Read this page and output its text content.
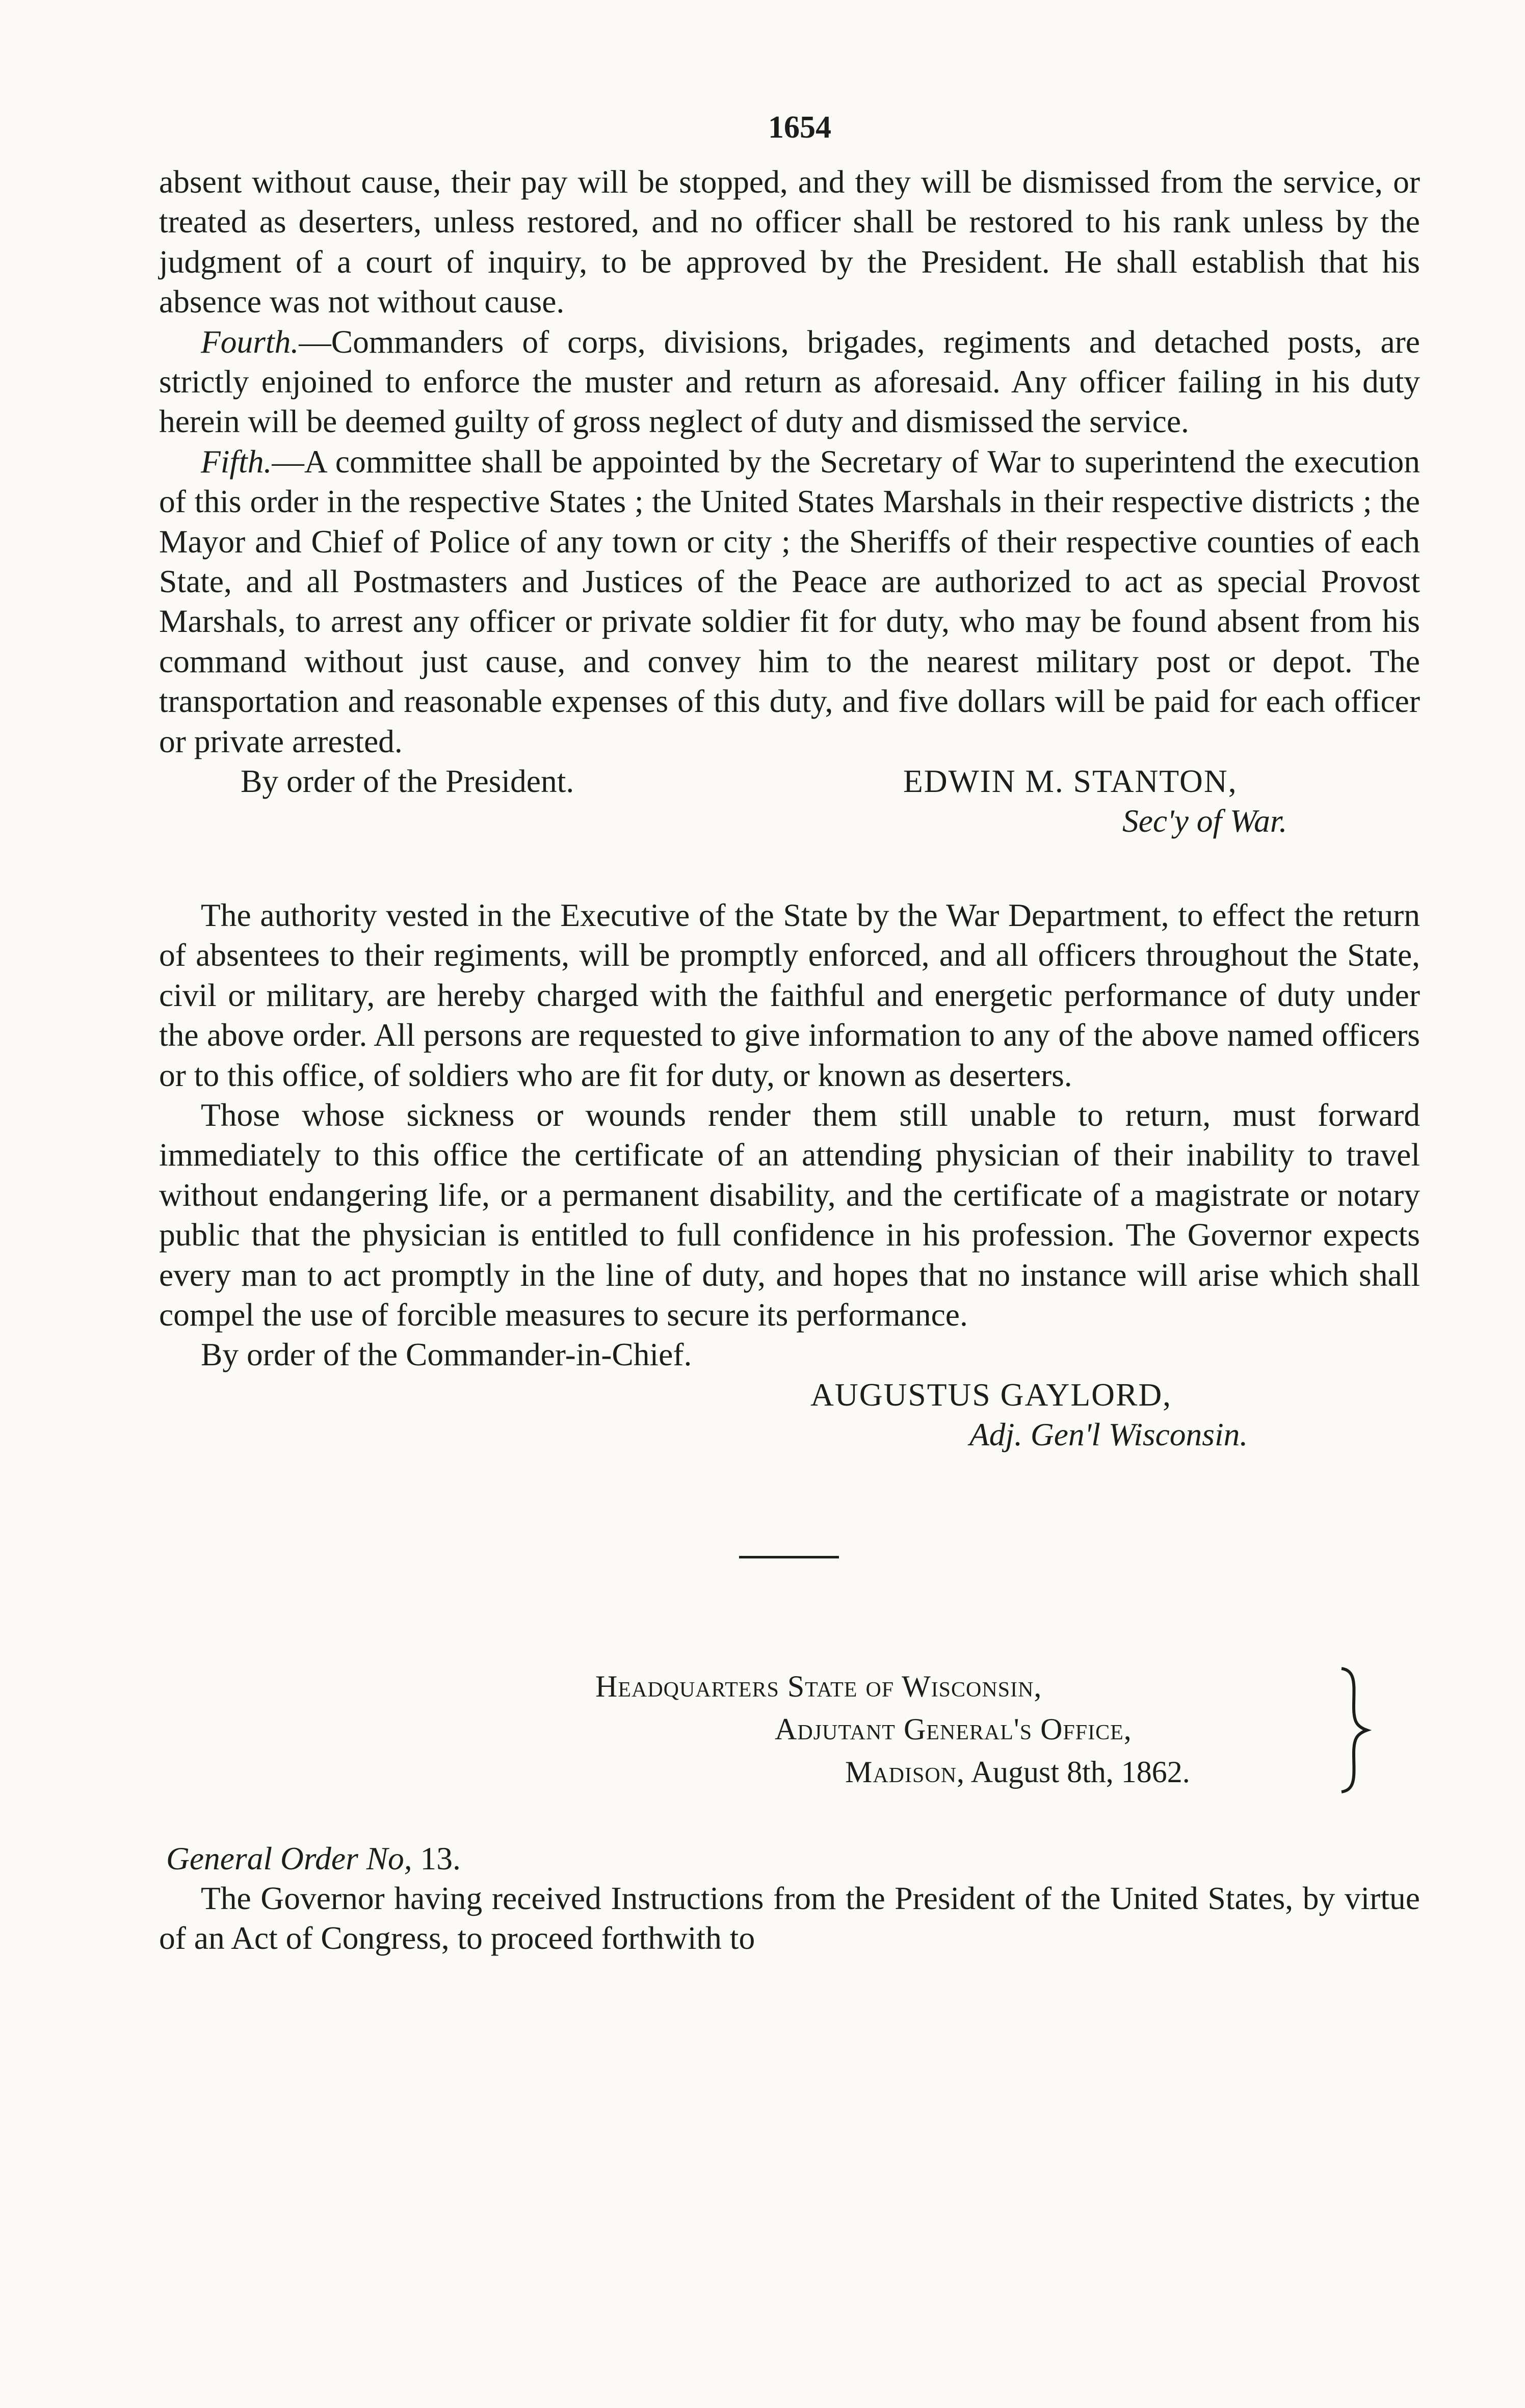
1654

absent without cause, their pay will be stopped, and they will be dismissed from the service, or treated as deserters, unless restored, and no officer shall be restored to his rank unless by the judgment of a court of inquiry, to be approved by the President. He shall establish that his absence was not without cause.

Fourth.—Commanders of corps, divisions, brigades, regiments and detached posts, are strictly enjoined to enforce the muster and return as aforesaid. Any officer failing in his duty herein will be deemed guilty of gross neglect of duty and dismissed the service.

Fifth.—A committee shall be appointed by the Secretary of War to superintend the execution of this order in the respective States ; the United States Marshals in their respective districts ; the Mayor and Chief of Police of any town or city ; the Sheriffs of their respective counties of each State, and all Postmasters and Justices of the Peace are authorized to act as special Provost Marshals, to arrest any officer or private soldier fit for duty, who may be found absent from his command without just cause, and convey him to the nearest military post or depot. The transportation and reasonable expenses of this duty, and five dollars will be paid for each officer or private arrested.

By order of the President.	EDWIN M. STANTON,
Sec'y of War.

The authority vested in the Executive of the State by the War Department, to effect the return of absentees to their regiments, will be promptly enforced, and all officers throughout the State, civil or military, are hereby charged with the faithful and energetic performance of duty under the above order. All persons are requested to give information to any of the above named officers or to this office, of soldiers who are fit for duty, or known as deserters.

Those whose sickness or wounds render them still unable to return, must forward immediately to this office the certificate of an attending physician of their inability to travel without endangering life, or a permanent disability, and the certificate of a magistrate or notary public that the physician is entitled to full confidence in his profession. The Governor expects every man to act promptly in the line of duty, and hopes that no instance will arise which shall compel the use of forcible measures to secure its performance.

By order of the Commander-in-Chief.

AUGUSTUS GAYLORD,
Adj. Gen'l Wisconsin.
Headquarters State of Wisconsin,
Adjutant General's Office,
Madison, August 8th, 1862.
General Order No, 13.

The Governor having received Instructions from the President of the United States, by virtue of an Act of Congress, to proceed forthwith to
